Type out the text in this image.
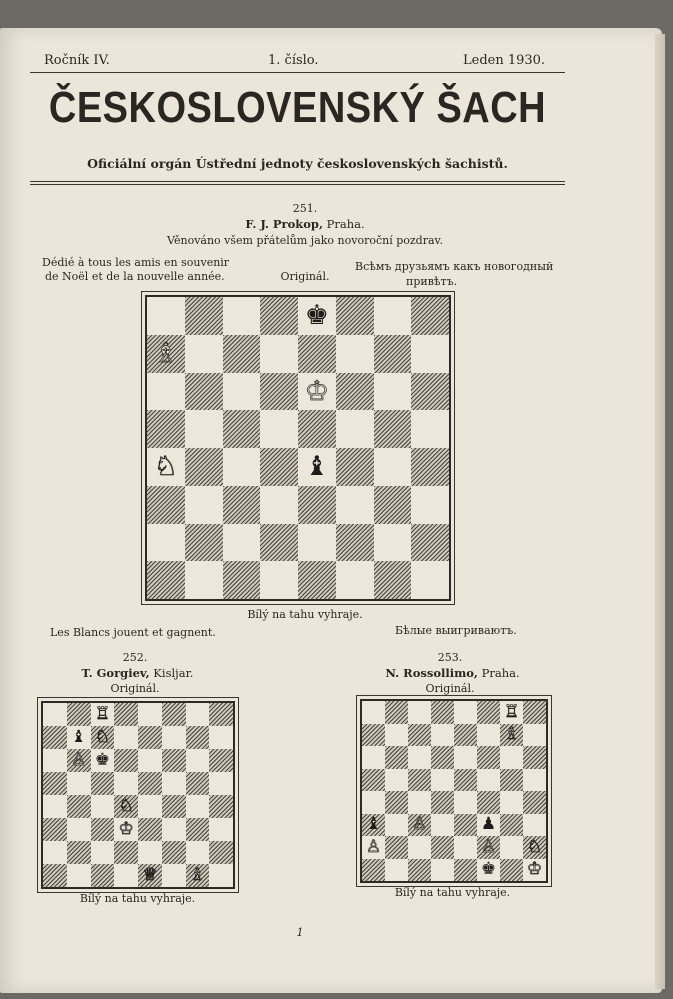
Ročník IV.	1. číslo.	Leden 1930.
ČESKOSLOVENSKÝ ŠACH
Oficiální orgán Ústřední jednoty československých šachistů.
251.
F. J. Prokop, Praha.
Věnováno všem přátelům jako novoroční pozdrav.
Dédié à tous les amis en souvenir
de Noël et de la nouvelle année.	Originál.
Всѣмъ друзьямъ какъ новогодный
привѣтъ.
♚
♗
♔
♘	♝
Bílý na tahu vyhraje.
Les Blancs jouent et gagnent.	Бѣлые выигриваютъ.
252.
T. Gorgiev, Kisljar.
Originál.
♖
♝ ♘
♙ ♚
♘
♔
♕ ♗
Bílý na tahu vyhraje.
253.
N. Rossollimo, Praha.
Originál.
♖
♗
♝ ♙	♟
♙	♙ ♘
♚ ♔
Bílý na tahu vyhraje.
1
